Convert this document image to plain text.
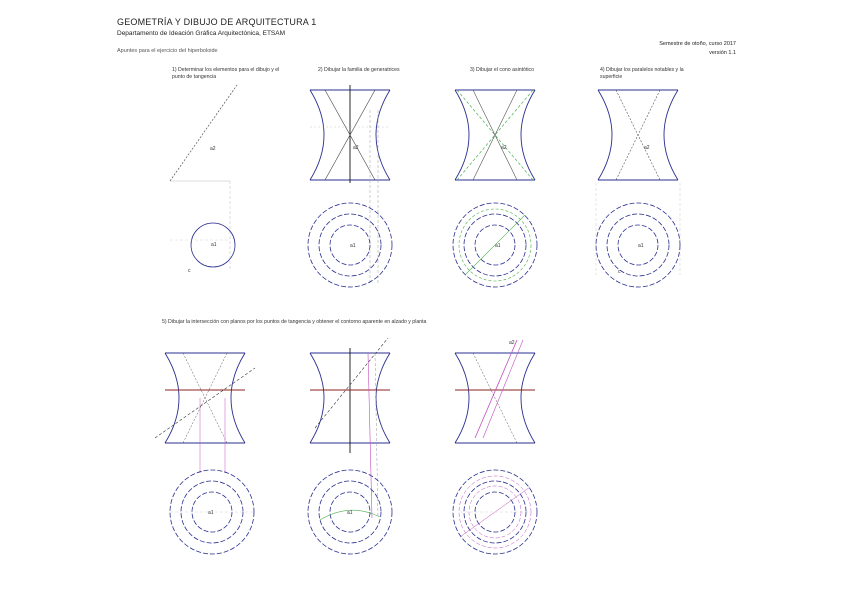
GEOMETRÍA Y DIBUJO DE ARQUITECTURA 1
Departamento de Ideación Gráfica Arquitectónica, ETSAM
Apuntes para el ejercicio del hiperboloide
Semestre de otoño, curso 2017
versión 1.1
1) Determinar los elementos para el dibujo y el punto de tangencia
2) Dibujar la familia de generatrices	3) Dibujar el cono asintótico	4) Dibujar los paralelos notables y la superficie
5) Dibujar la intersección con planos por los puntos de tangencia y obtener el contorno aparente en alzado y planta
a2
a1
c
a2
a1
a2
a1
a2
a1
c
a1	a1
a2
